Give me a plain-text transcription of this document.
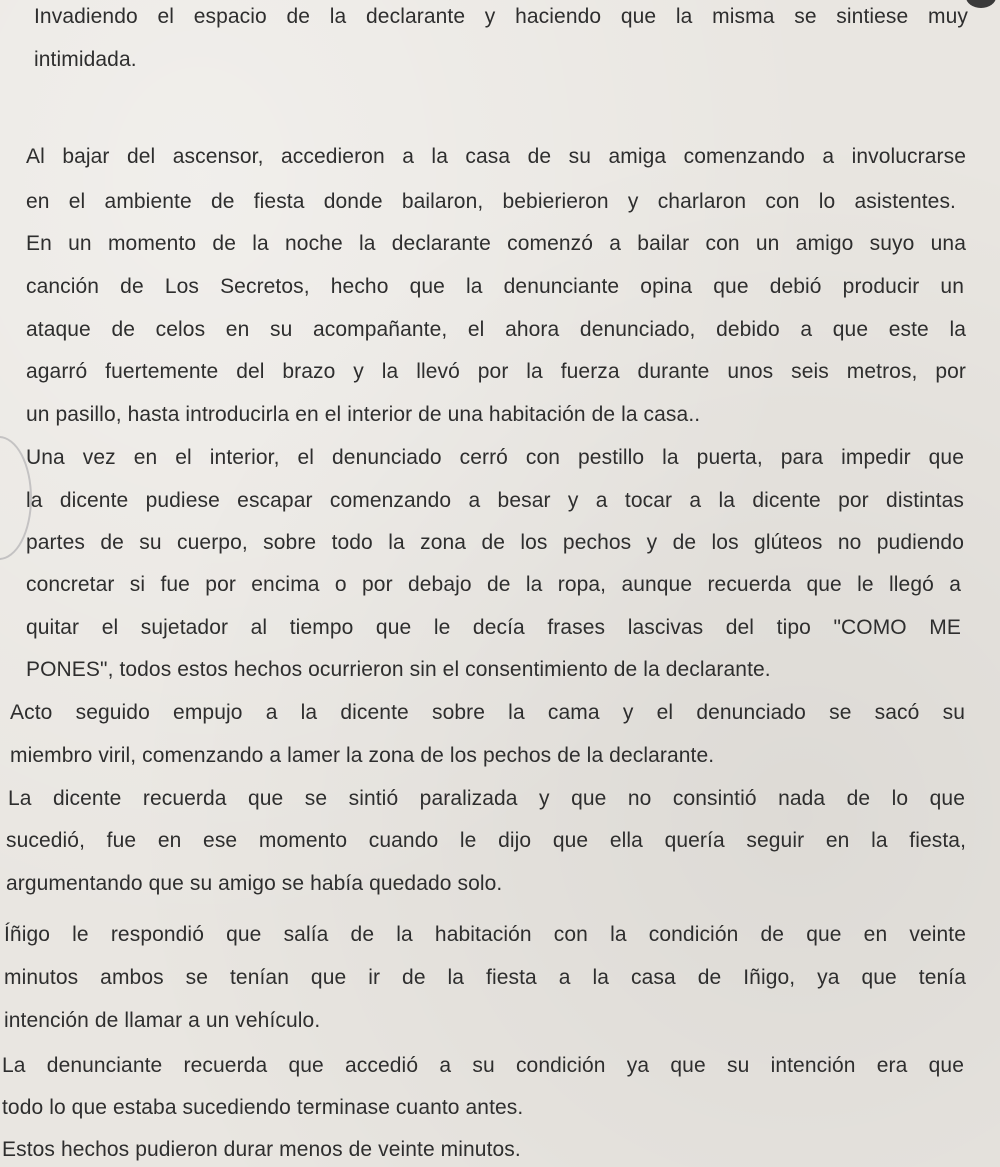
Invadiendo el espacio de la declarante y haciendo que la misma se sintiese muy

intimidada.

Al bajar del ascensor, accedieron a la casa de su amiga comenzando a involucrarse

en el ambiente de fiesta donde bailaron, bebierieron y charlaron con lo asistentes.

En un momento de la noche la declarante comenzó a bailar con un amigo suyo una

canción de Los Secretos, hecho que la denunciante opina que debió producir un

ataque de celos en su acompañante, el ahora denunciado, debido a que este la

agarró fuertemente del brazo y la llevó por la fuerza durante unos seis metros, por

un pasillo, hasta introducirla en el interior de una habitación de la casa..

Una vez en el interior, el denunciado cerró con pestillo la puerta, para impedir que

la dicente pudiese escapar comenzando a besar y a tocar a la dicente por distintas

partes de su cuerpo, sobre todo la zona de los pechos y de los glúteos no pudiendo

concretar si fue por encima o por debajo de la ropa, aunque recuerda que le llegó a

quitar el sujetador al tiempo que le decía frases lascivas del tipo "COMO ME

PONES", todos estos hechos ocurrieron sin el consentimiento de la declarante.

Acto seguido empujo a la dicente sobre la cama y el denunciado se sacó su

miembro viril, comenzando a lamer la zona de los pechos de la declarante.

La dicente recuerda que se sintió paralizada y que no consintió nada de lo que

sucedió, fue en ese momento cuando le dijo que ella quería seguir en la fiesta,

argumentando que su amigo se había quedado solo.

Íñigo le respondió que salía de la habitación con la condición de que en veinte

minutos ambos se tenían que ir de la fiesta a la casa de Iñigo, ya que tenía

intención de llamar a un vehículo.

La denunciante recuerda que accedió a su condición ya que su intención era que

todo lo que estaba sucediendo terminase cuanto antes.

Estos hechos pudieron durar menos de veinte minutos.
